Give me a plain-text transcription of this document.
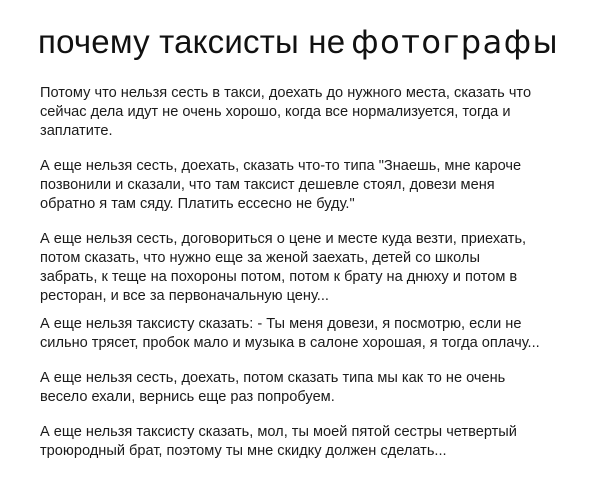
почему таксисты не фотографы

Потому что нельзя сесть в такси, доехать до нужного места, сказать что
сейчас дела идут не очень хорошо, когда все нормализуется, тогда и
заплатите.

А еще нельзя сесть, доехать, сказать что-то типа "Знаешь, мне кароче
позвонили и сказали, что там таксист дешевле стоял, довези меня
обратно я там сяду. Платить ессесно не буду."

А еще нельзя сесть, договориться о цене и месте куда везти, приехать,
потом сказать, что нужно еще за женой заехать, детей со школы
забрать, к теще на похороны потом, потом к брату на днюху и потом в
ресторан, и все за первоначальную цену...

А еще нельзя таксисту сказать: - Ты меня довези, я посмотрю, если не
сильно трясет, пробок мало и музыка в салоне хорошая, я тогда оплачу...

А еще нельзя сесть, доехать, потом сказать типа мы как то не очень
весело ехали, вернись еще раз попробуем.

А еще нельзя таксисту сказать, мол, ты моей пятой сестры четвертый
троюродный брат, поэтому ты мне скидку должен сделать...
